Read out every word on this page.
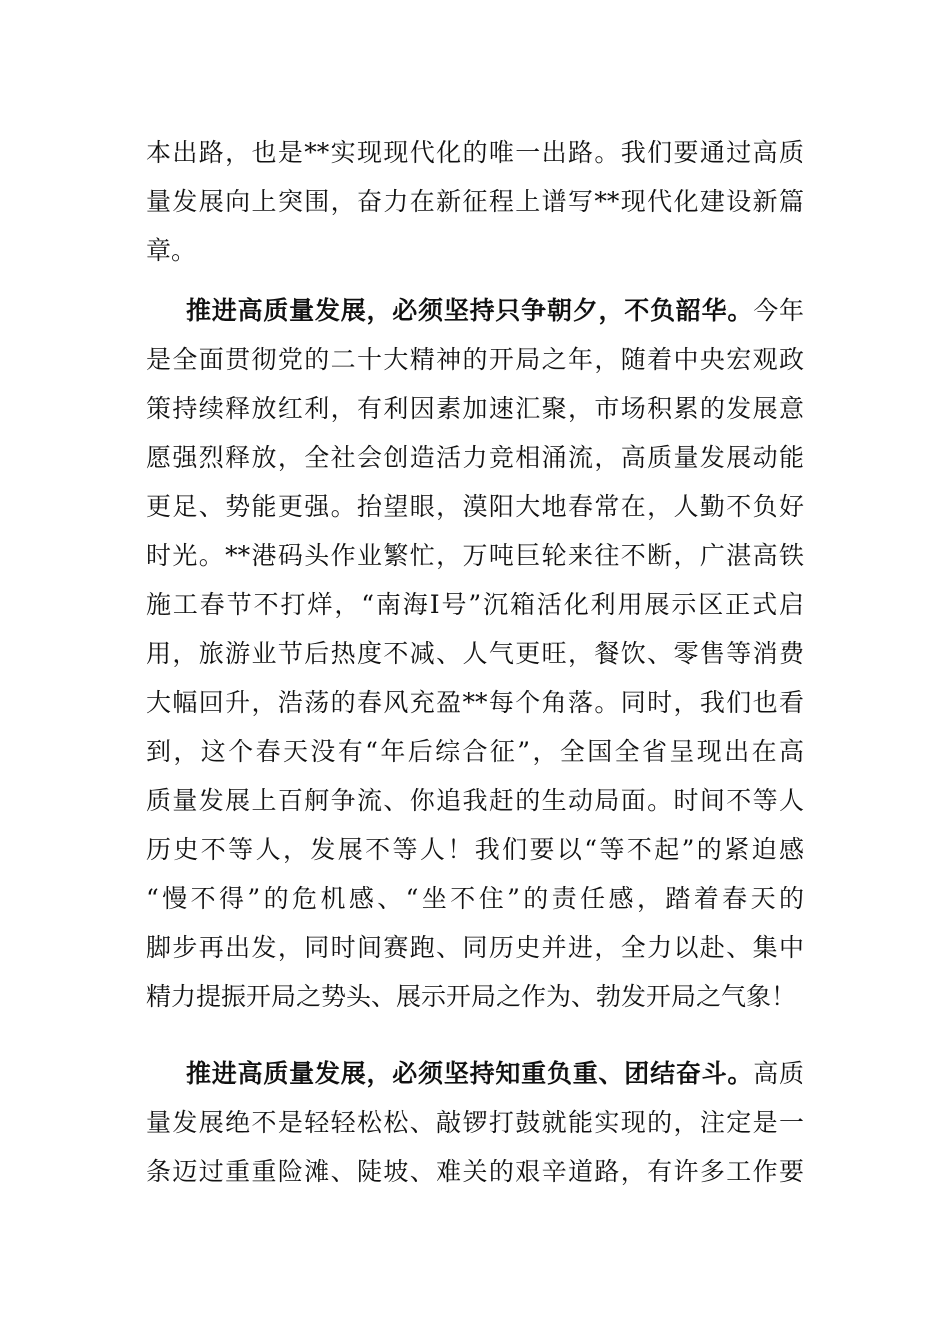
本出路，也是**实现现代化的唯一出路。我们要通过高质
量发展向上突围，奋力在新征程上谱写**现代化建设新篇
章。
推进高质量发展，必须坚持只争朝夕，不负韶华。今年
是全面贯彻党的二十大精神的开局之年，随着中央宏观政
策持续释放红利，有利因素加速汇聚，市场积累的发展意
愿强烈释放，全社会创造活力竞相涌流，高质量发展动能
更足、势能更强。抬望眼，漠阳大地春常在，人勤不负好
时光。**港码头作业繁忙，万吨巨轮来往不断，广湛高铁
施工春节不打烊，“南海Ⅰ号”沉箱活化利用展示区正式启
用，旅游业节后热度不减、人气更旺，餐饮、零售等消费
大幅回升，浩荡的春风充盈**每个角落。同时，我们也看
到，这个春天没有“年后综合征”，全国全省呈现出在高
质量发展上百舸争流、你追我赶的生动局面。时间不等人
历史不等人，发展不等人！我们要以“等不起”的紧迫感
“慢不得”的危机感、“坐不住”的责任感，踏着春天的
脚步再出发，同时间赛跑、同历史并进，全力以赴、集中
精力提振开局之势头、展示开局之作为、勃发开局之气象！
推进高质量发展，必须坚持知重负重、团结奋斗。高质
量发展绝不是轻轻松松、敲锣打鼓就能实现的，注定是一
条迈过重重险滩、陡坡、难关的艰辛道路，有许多工作要
